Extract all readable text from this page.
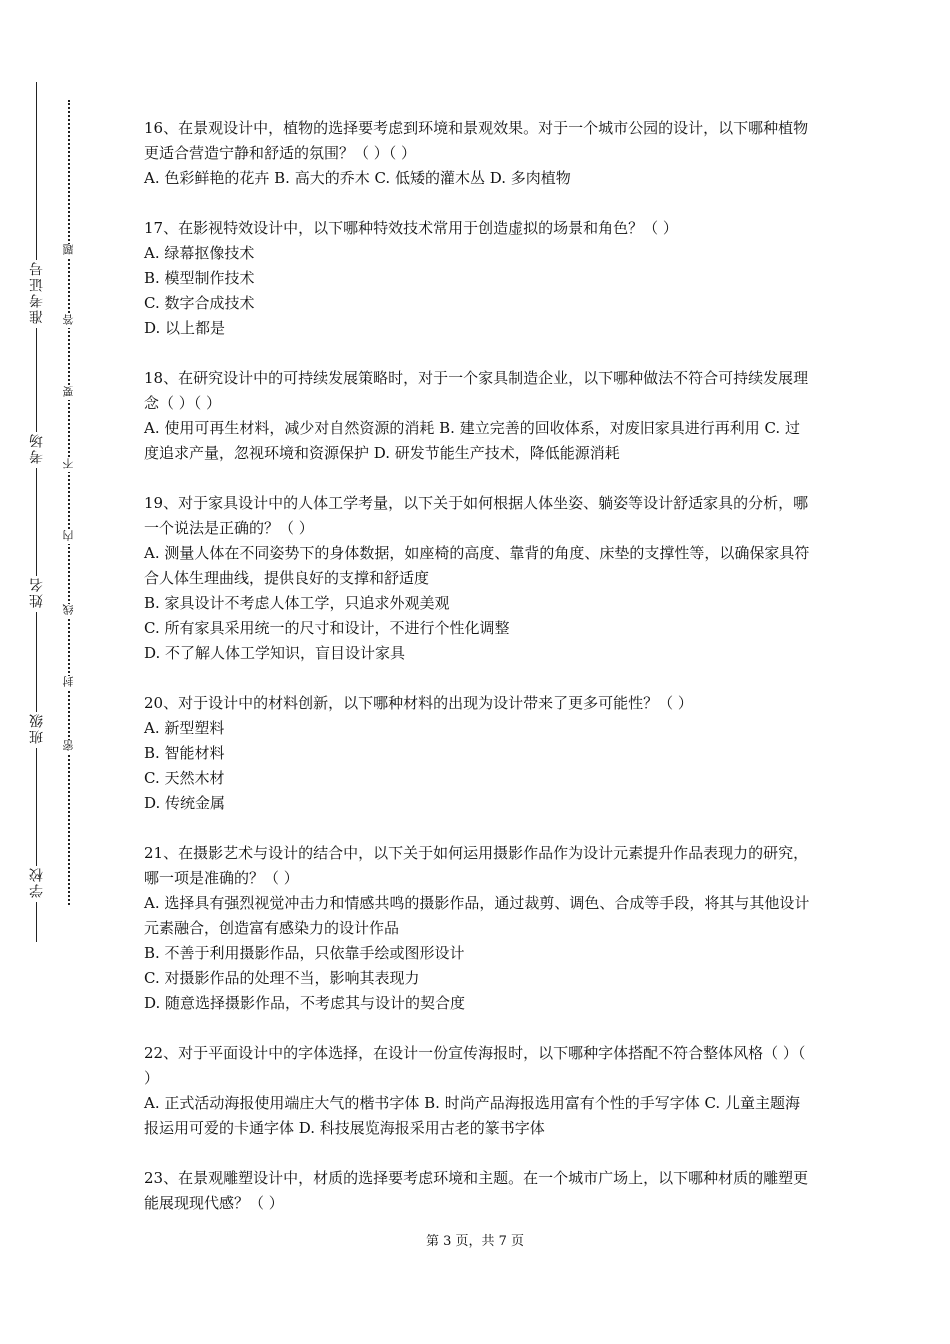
学校
班级
姓名
考场
准考证号
密
封
线
内
不
要
答
题

16、在景观设计中，植物的选择要考虑到环境和景观效果。对于一个城市公园的设计，以下哪种植物更适合营造宁静和舒适的氛围？（ ）（ ）

A. 色彩鲜艳的花卉 B. 高大的乔木 C. 低矮的灌木丛 D. 多肉植物

17、在影视特效设计中，以下哪种特效技术常用于创造虚拟的场景和角色？（ ）

A. 绿幕抠像技术

B. 模型制作技术

C. 数字合成技术

D. 以上都是

18、在研究设计中的可持续发展策略时，对于一个家具制造企业，以下哪种做法不符合可持续发展理念（ ）（ ）

A. 使用可再生材料，减少对自然资源的消耗 B. 建立完善的回收体系，对废旧家具进行再利用 C. 过度追求产量，忽视环境和资源保护 D. 研发节能生产技术，降低能源消耗

19、对于家具设计中的人体工学考量，以下关于如何根据人体坐姿、躺姿等设计舒适家具的分析，哪一个说法是正确的？（ ）

A. 测量人体在不同姿势下的身体数据，如座椅的高度、靠背的角度、床垫的支撑性等，以确保家具符合人体生理曲线，提供良好的支撑和舒适度

B. 家具设计不考虑人体工学，只追求外观美观

C. 所有家具采用统一的尺寸和设计，不进行个性化调整

D. 不了解人体工学知识，盲目设计家具

20、对于设计中的材料创新，以下哪种材料的出现为设计带来了更多可能性？（ ）

A. 新型塑料

B. 智能材料

C. 天然木材

D. 传统金属

21、在摄影艺术与设计的结合中，以下关于如何运用摄影作品作为设计元素提升作品表现力的研究，哪一项是准确的？（ ）

A. 选择具有强烈视觉冲击力和情感共鸣的摄影作品，通过裁剪、调色、合成等手段，将其与其他设计元素融合，创造富有感染力的设计作品

B. 不善于利用摄影作品，只依靠手绘或图形设计

C. 对摄影作品的处理不当，影响其表现力

D. 随意选择摄影作品，不考虑其与设计的契合度

22、对于平面设计中的字体选择，在设计一份宣传海报时，以下哪种字体搭配不符合整体风格（ ）（ ）

A. 正式活动海报使用端庄大气的楷书字体 B. 时尚产品海报选用富有个性的手写字体 C. 儿童主题海报运用可爱的卡通字体 D. 科技展览海报采用古老的篆书字体

23、在景观雕塑设计中，材质的选择要考虑环境和主题。在一个城市广场上，以下哪种材质的雕塑更能展现现代感？（ ）

第 3 页，共 7 页
